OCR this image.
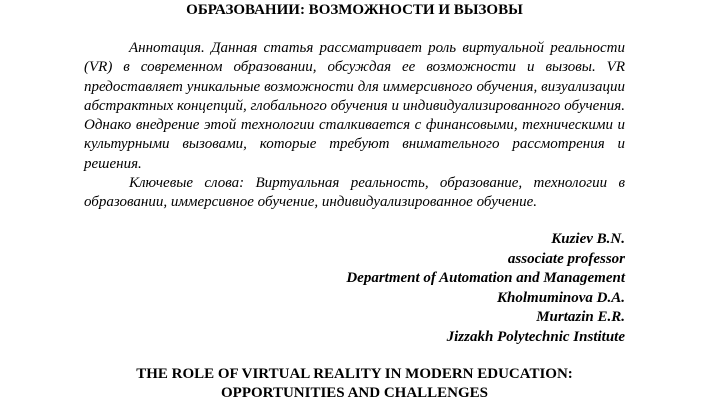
ОБРАЗОВАНИИ: ВОЗМОЖНОСТИ И ВЫЗОВЫ

Аннотация. Данная статья рассматривает роль виртуальной реальности (VR) в современном образовании, обсуждая ее возможности и вызовы. VR предоставляет уникальные возможности для иммерсивного обучения, визуализации абстрактных концепций, глобального обучения и индивидуализированного обучения. Однако внедрение этой технологии сталкивается с финансовыми, техническими и культурными вызовами, которые требуют внимательного рассмотрения и решения.

Ключевые слова: Виртуальная реальность, образование, технологии в образовании, иммерсивное обучение, индивидуализированное обучение.

Kuziev B.N.
associate professor
Department of Automation and Management
Kholmuminova D.A.
Murtazin E.R.
Jizzakh Polytechnic Institute
THE ROLE OF VIRTUAL REALITY IN MODERN EDUCATION:
OPPORTUNITIES AND CHALLENGES
